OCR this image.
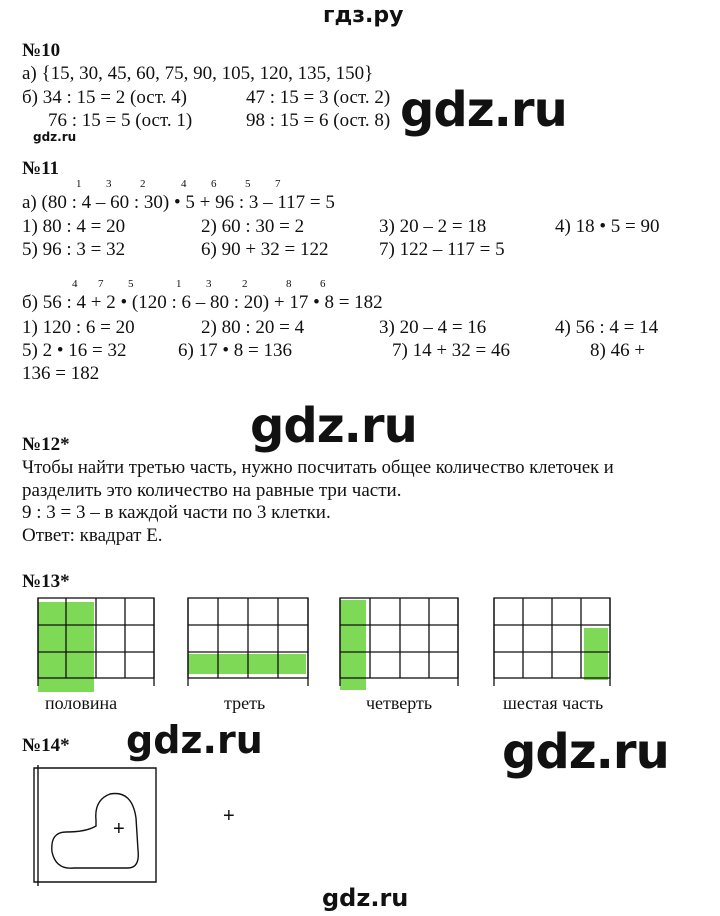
гдз.ру
№10
а) {15, 30, 45, 60, 75, 90, 105, 120, 135, 150}
б) 34 : 15 = 2 (ост. 4)	47 : 15 = 3 (ост. 2)
76 : 15 = 5 (ост. 1)	98 : 15 = 6 (ост. 8) gdz.ru
gdz.ru
№11
1 3	2	4 6	5 7
а) (80 : 4 – 60 : 30) • 5 + 96 : 3 – 117 = 5
1) 80 : 4 = 20	2) 60 : 30 = 2	3) 20 – 2 = 18	4) 18 • 5 = 90
5) 96 : 3 = 32	6) 90 + 32 = 122	7) 122 – 117 = 5
4 7 5	1 3	2	8	6
б) 56 : 4 + 2 • (120 : 6 – 80 : 20) + 17 • 8 = 182
1) 120 : 6 = 20	2) 80 : 20 = 4	3) 20 – 4 = 16	4) 56 : 4 = 14
5) 2 • 16 = 32	6) 17 • 8 = 136	7) 14 + 32 = 46	8) 46 +
136 = 182
gdz.ru
№12*
Чтобы найти третью часть, нужно посчитать общее количество клеточек и
разделить это количество на равные три части.
9 : 3 = 3 – в каждой части по 3 клетки.
Ответ: квадрат Е.
№13*
половина	треть	четверть	шестая часть
№14* gdz.ru	gdz.ru
+
+
gdz.ru
